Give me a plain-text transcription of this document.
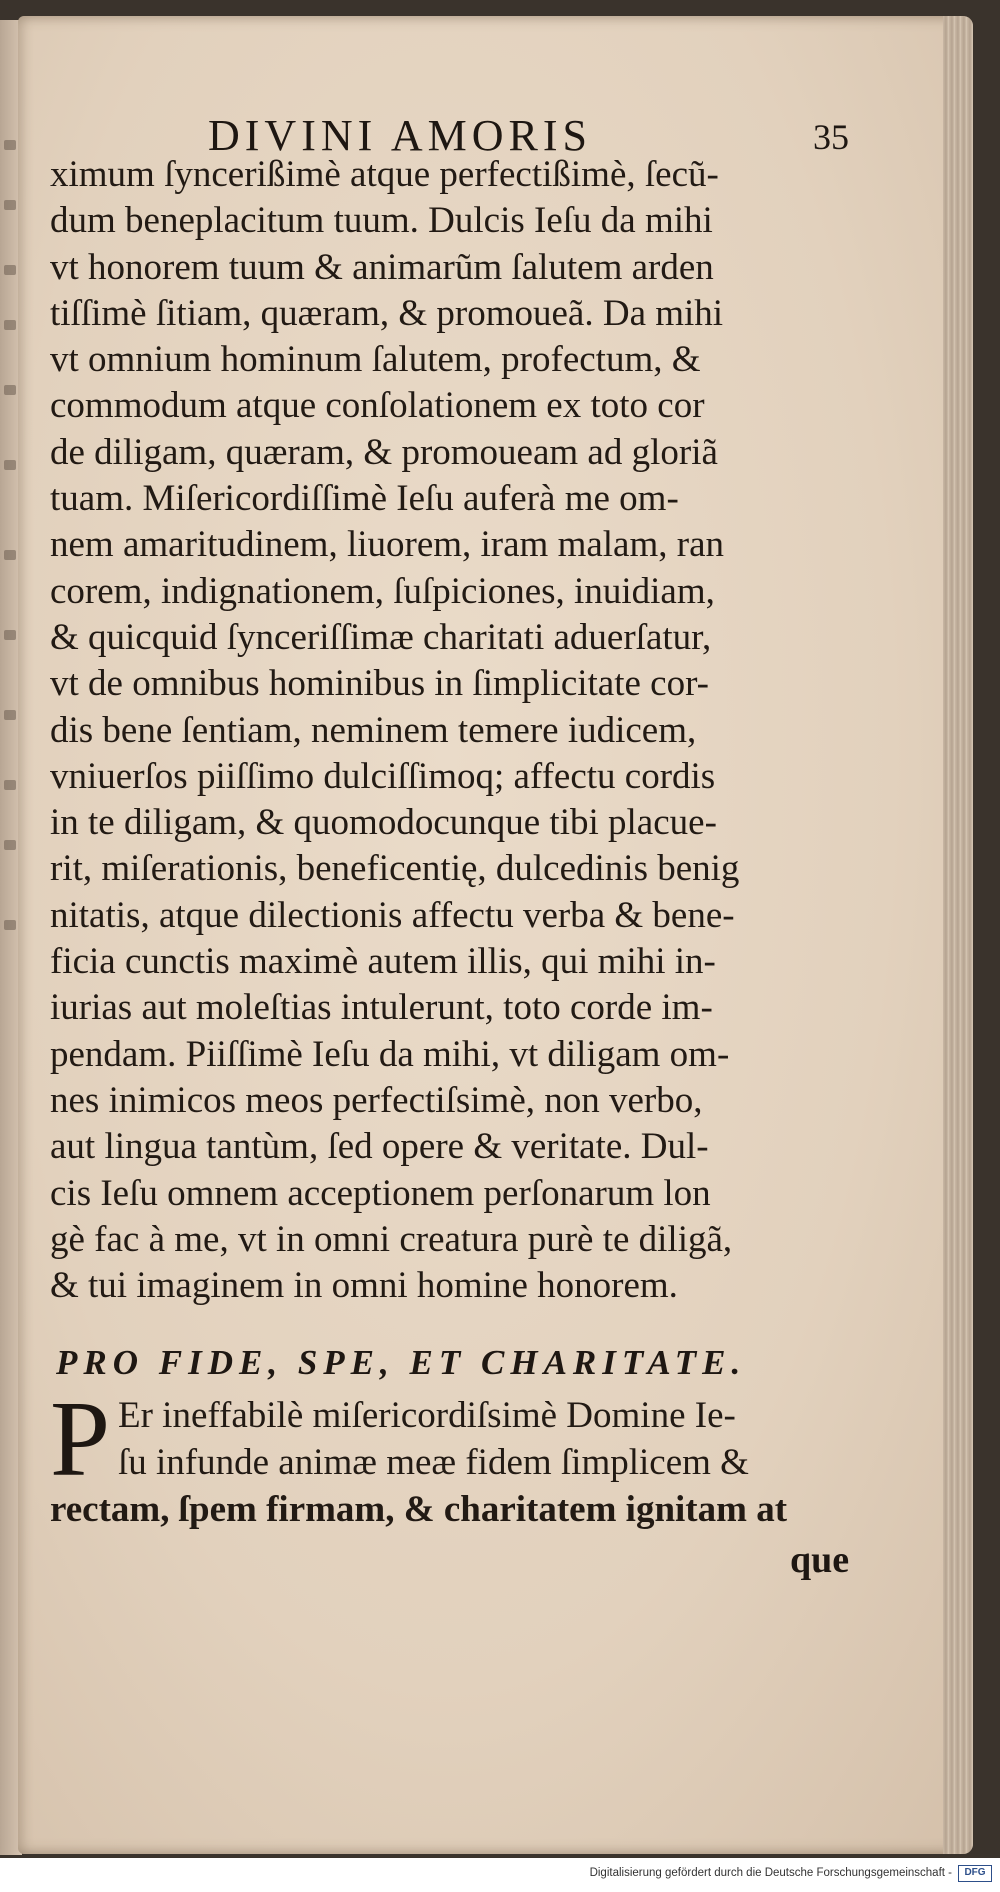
DIVINI AMORIS	35
ximum ſyncerißimè atque perfectißimè, ſecũ-
dum beneplacitum tuum. Dulcis Ieſu da mihi
vt honorem tuum & animarũm ſalutem arden
tiſſimè ſitiam, quæram, & promoueã. Da mihi
vt omnium hominum ſalutem, profectum, &
commodum atque conſolationem ex toto cor
de diligam, quæram, & promoueam ad gloriã
tuam. Miſericordiſſimè Ieſu auferà me om-
nem amaritudinem, liuorem, iram malam, ran
corem, indignationem, ſuſpiciones, inuidiam,
& quicquid ſynceriſſimæ charitati aduerſatur,
vt de omnibus hominibus in ſimplicitate cor-
dis bene ſentiam, neminem temere iudicem,
vniuerſos piiſſimo dulciſſimoq; affectu cordis
in te diligam, & quomodocunque tibi placue-
rit, miſerationis, beneficentię, dulcedinis benig
nitatis, atque dilectionis affectu verba & bene-
ficia cunctis maximè autem illis, qui mihi in-
iurias aut moleſtias intulerunt, toto corde im-
pendam. Piiſſimè Ieſu da mihi, vt diligam om-
nes inimicos meos perfectiſsimè, non verbo,
aut lingua tantùm, ſed opere & veritate. Dul-
cis Ieſu omnem acceptionem perſonarum lon
gè fac à me, vt in omni creatura purè te diligã,
& tui imaginem in omni homine honorem.
PRO FIDE, SPE, ET CHARITATE.
P Er ineffabilè miſericordiſsimè Domine Ie-
ſu infunde animæ meæ fidem ſimplicem &
rectam, ſpem firmam, & charitatem ignitam at
que
Digitalisierung gefördert durch die Deutsche Forschungsgemeinschaft -	DFG
